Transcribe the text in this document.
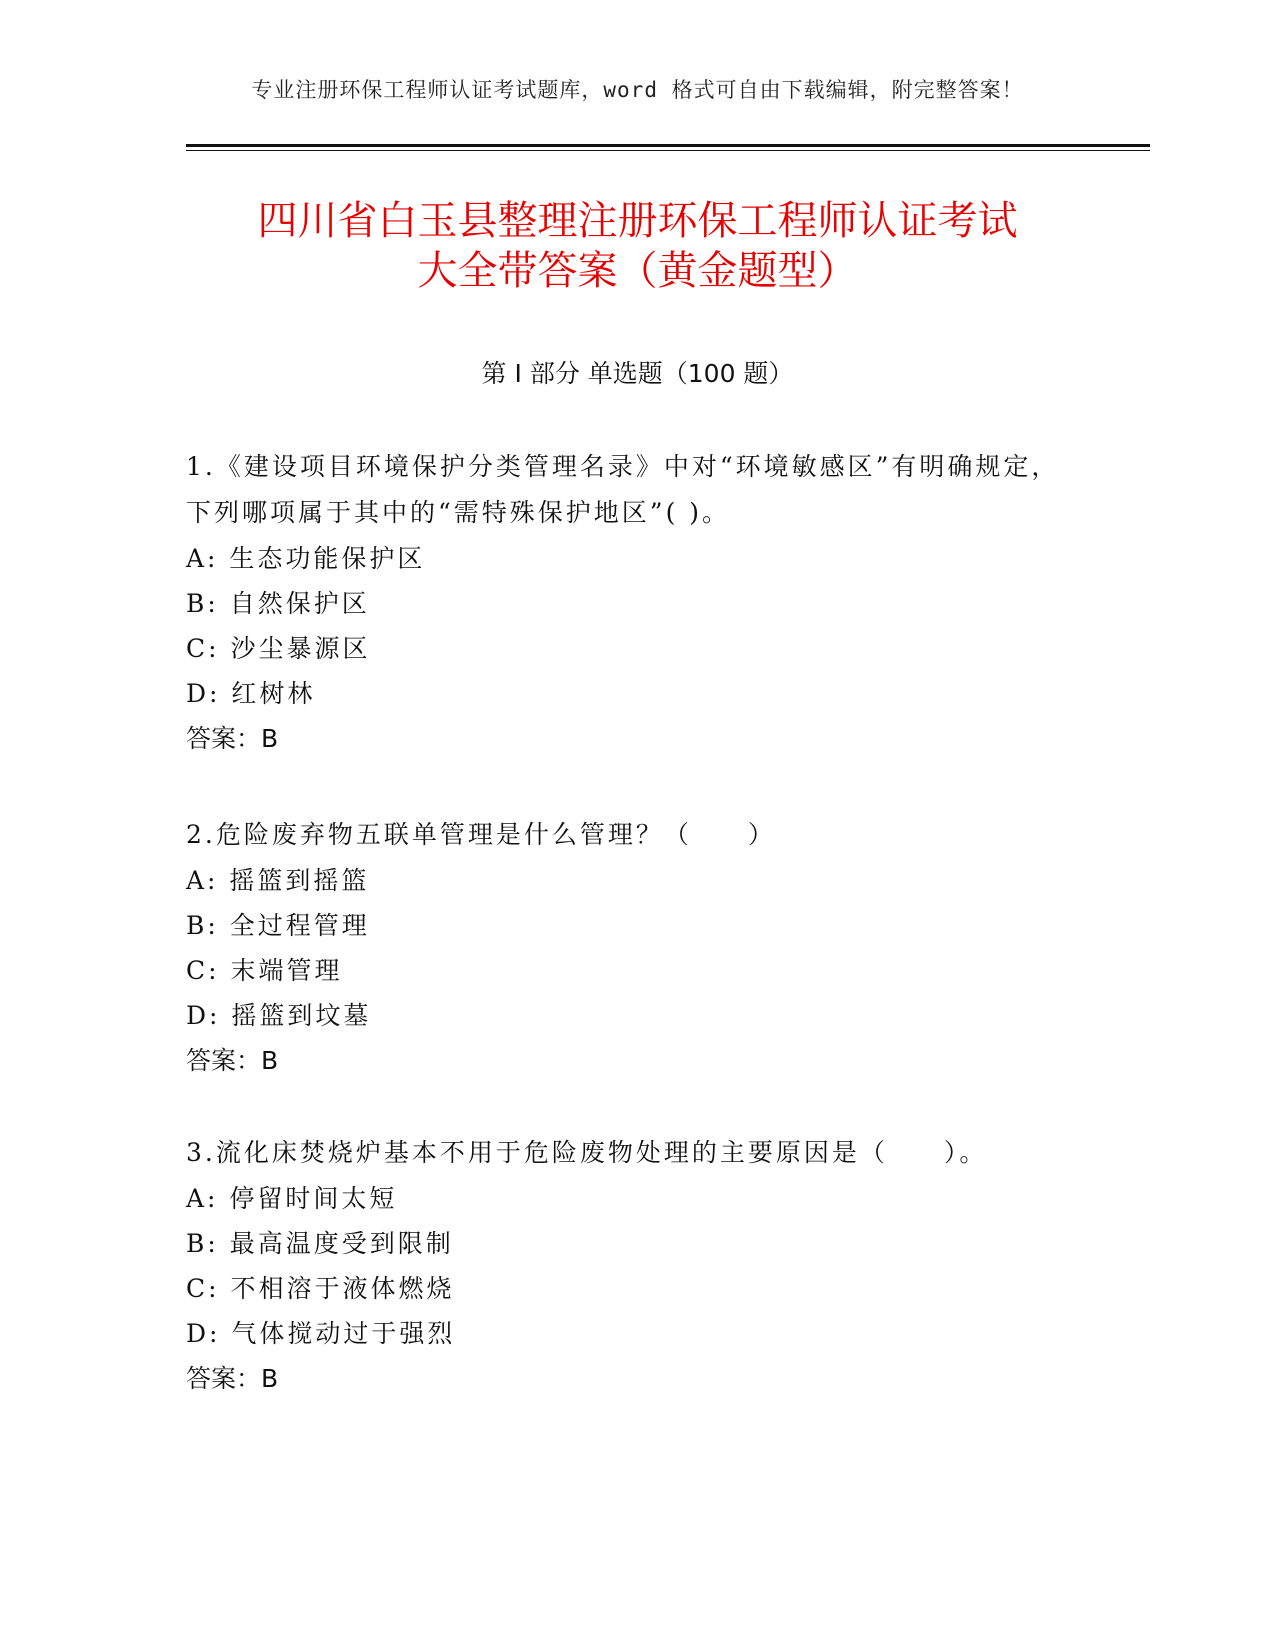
专业注册环保工程师认证考试题库，word 格式可自由下载编辑，附完整答案！
四川省白玉县整理注册环保工程师认证考试
大全带答案（黄金题型）
第 I 部分 单选题（100 题）

1.《建设项目环境保护分类管理名录》中对“环境敏感区”有明确规定，下列哪项属于其中的“需特殊保护地区”( )。

A: 生态功能保护区

B: 自然保护区

C: 沙尘暴源区

D: 红树林

答案：B

2.危险废弃物五联单管理是什么管理？（　　）

A: 摇篮到摇篮

B: 全过程管理

C: 末端管理

D: 摇篮到坟墓

答案：B

3.流化床焚烧炉基本不用于危险废物处理的主要原因是（　　）。

A: 停留时间太短

B: 最高温度受到限制

C: 不相溶于液体燃烧

D: 气体搅动过于强烈

答案：B
